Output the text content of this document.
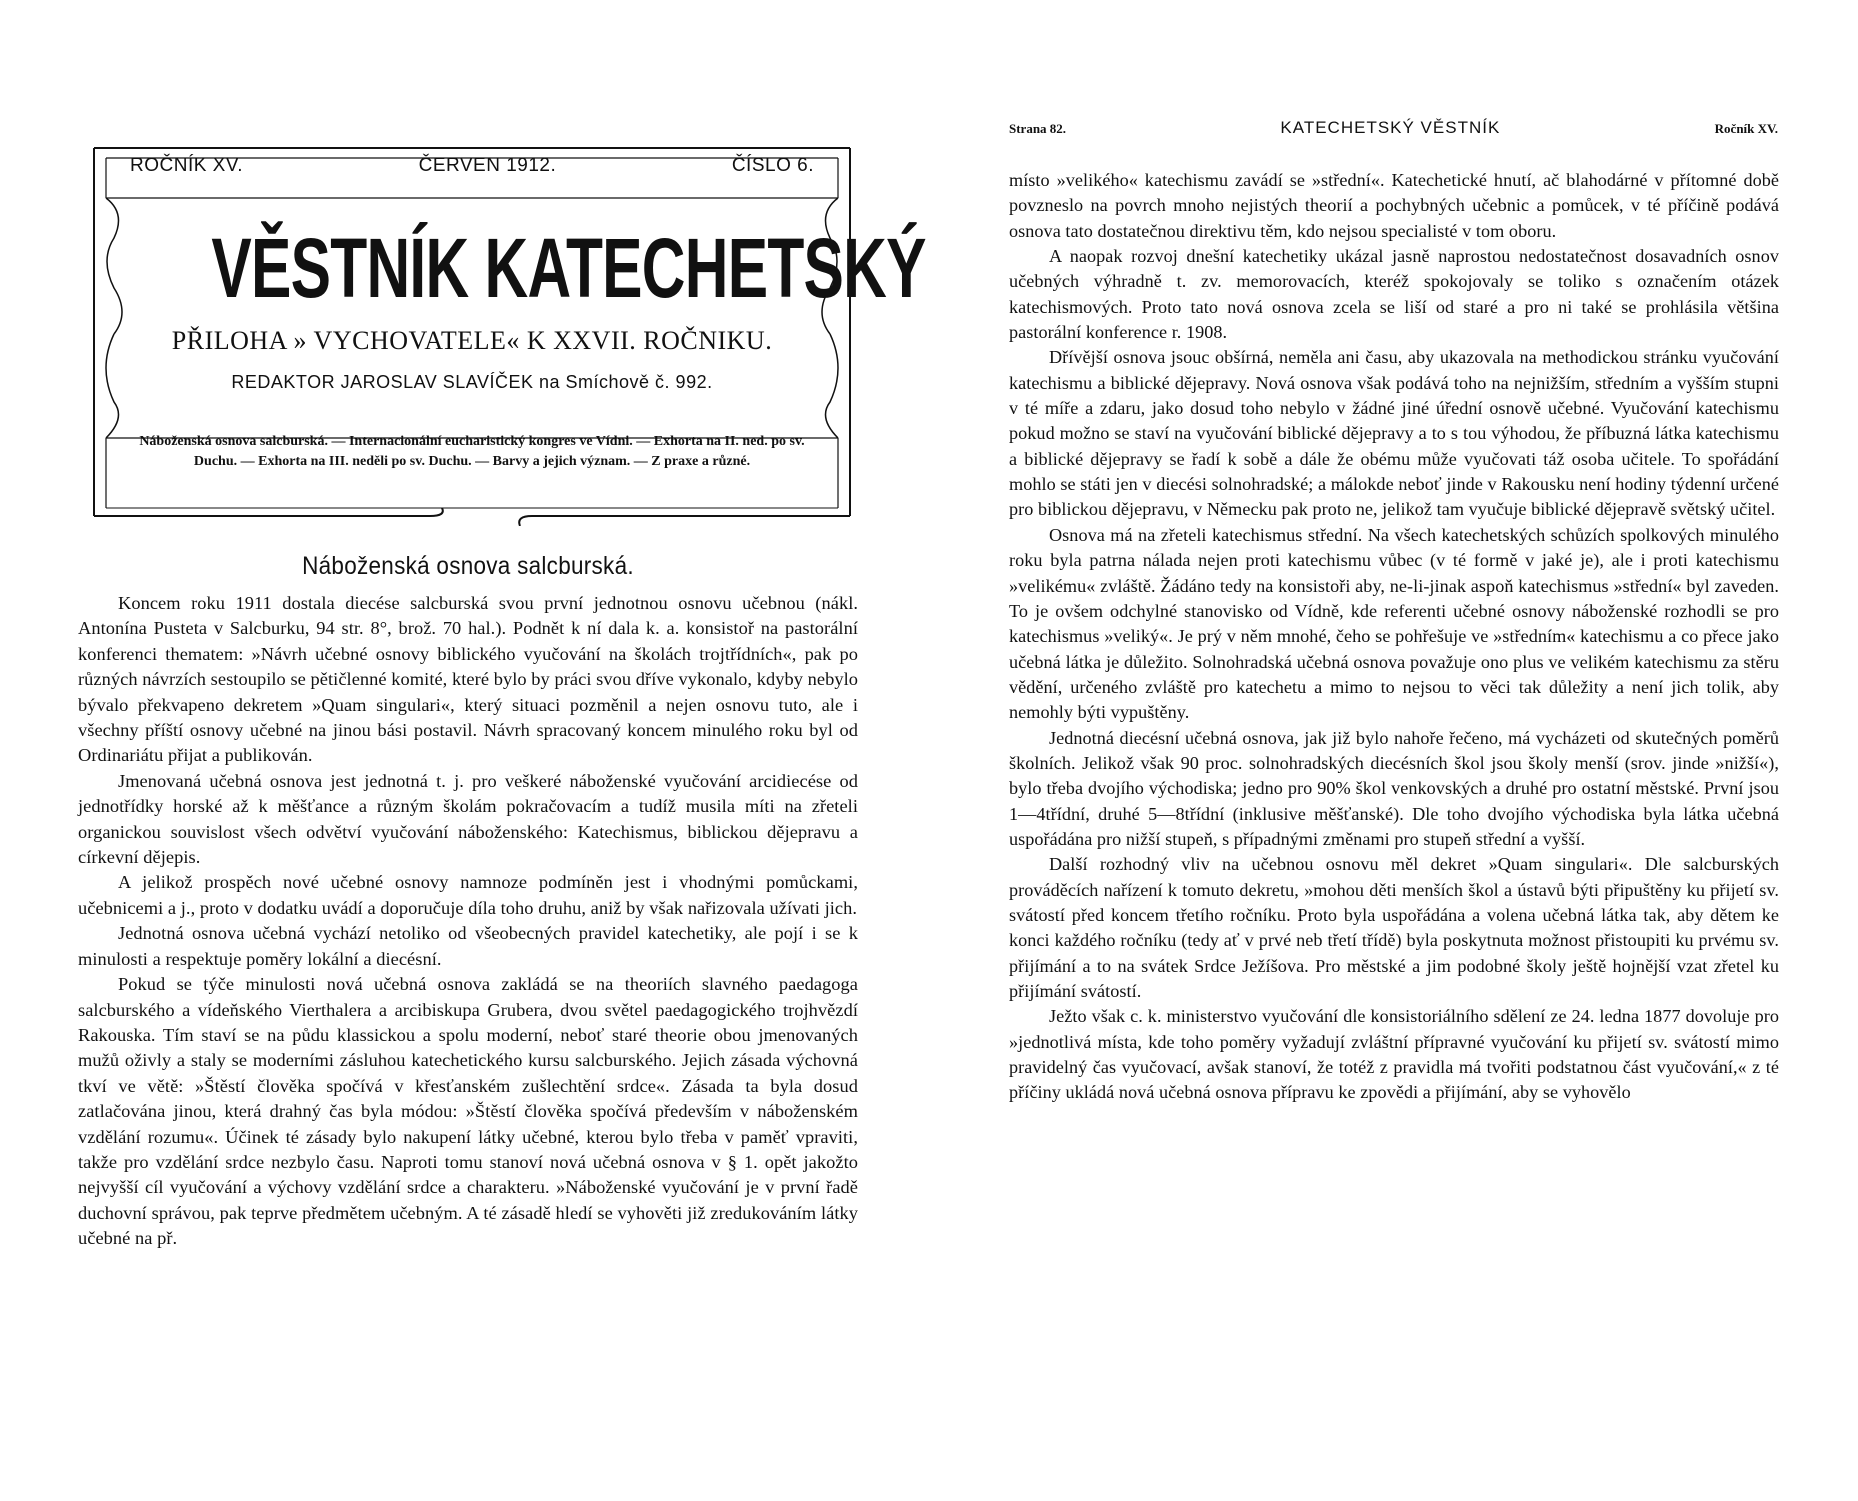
ROČNÍK XV.	ČERVEN 1912.	ČÍSLO 6.
VĚSTNÍK KATECHETSKÝ
PŘILOHA » VYCHOVATELE« K XXVII. ROČNIKU.
REDAKTOR JAROSLAV SLAVÍČEK na Smíchově č. 992.
Náboženská osnova salcburská. — Internacionální eucharistický kongres ve Vídni. — Exhorta na II. ned. po sv. Duchu. — Exhorta na III. neděli po sv. Duchu. — Barvy a jejich význam. — Z praxe a různé.
Náboženská osnova salcburská.

Koncem roku 1911 dostala diecése salcburská svou první jednotnou osnovu učebnou (nákl. Antonína Pusteta v Salcburku, 94 str. 8°, brož. 70 hal.). Podnět k ní dala k. a. konsistoř na pastorální konferenci thematem: »Návrh učebné osnovy biblického vyučování na školách trojtřídních«, pak po různých návrzích sestoupilo se pětičlenné komité, které bylo by práci svou dříve vykonalo, kdyby nebylo bývalo překvapeno dekretem »Quam singulari«, který situaci pozměnil a nejen osnovu tuto, ale i všechny příští osnovy učebné na jinou bási postavil. Návrh spracovaný koncem minulého roku byl od Ordinariátu přijat a publikován.

Jmenovaná učebná osnova jest jednotná t. j. pro veškeré náboženské vyučování arcidiecése od jednotřídky horské až k měšťance a různým školám pokračovacím a tudíž musila míti na zřeteli organickou souvislost všech odvětví vyučování náboženského: Katechismus, biblickou dějepravu a církevní dějepis.

A jelikož prospěch nové učebné osnovy namnoze podmíněn jest i vhodnými pomůckami, učebnicemi a j., proto v dodatku uvádí a doporučuje díla toho druhu, aniž by však nařizovala užívati jich.

Jednotná osnova učebná vychází netoliko od všeobecných pravidel katechetiky, ale pojí i se k minulosti a respektuje poměry lokální a diecésní.

Pokud se týče minulosti nová učebná osnova zakládá se na theoriích slavného paedagoga salcburského a vídeňského Vierthalera a arcibiskupa Grubera, dvou světel paedagogického trojhvězdí Rakouska. Tím staví se na půdu klassickou a spolu moderní, neboť staré theorie obou jmenovaných mužů oživly a staly se moderními zásluhou katechetického kursu salcburského. Jejich zásada výchovná tkví ve větě: »Štěstí člověka spočívá v křesťanském zušlechtění srdce«. Zásada ta byla dosud zatlačována jinou, která drahný čas byla módou: »Štěstí člověka spočívá především v náboženském vzdělání rozumu«. Účinek té zásady bylo nakupení látky učebné, kterou bylo třeba v paměť vpraviti, takže pro vzdělání srdce nezbylo času. Naproti tomu stanoví nová učebná osnova v § 1. opět jakožto nejvyšší cíl vyučování a výchovy vzdělání srdce a charakteru. »Náboženské vyučování je v první řadě duchovní správou, pak teprve předmětem učebným. A té zásadě hledí se vyhověti již zredukováním látky učebné na př.

Strana 82.	KATECHETSKÝ VĚSTNÍK	Ročník XV.

místo »velikého« katechismu zavádí se »střední«. Katechetické hnutí, ač blahodárné v přítomné době povzneslo na povrch mnoho nejistých theorií a pochybných učebnic a pomůcek, v té příčině podává osnova tato dostatečnou direktivu těm, kdo nejsou specialisté v tom oboru.

A naopak rozvoj dnešní katechetiky ukázal jasně naprostou nedostatečnost dosavadních osnov učebných výhradně t. zv. memorovacích, kteréž spokojovaly se toliko s označením otázek katechismových. Proto tato nová osnova zcela se liší od staré a pro ni také se prohlásila většina pastorální konference r. 1908.

Dřívější osnova jsouc obšírná, neměla ani času, aby ukazovala na methodickou stránku vyučování katechismu a biblické dějepravy. Nová osnova však podává toho na nejnižším, středním a vyšším stupni v té míře a zdaru, jako dosud toho nebylo v žádné jiné úřední osnově učebné. Vyučování katechismu pokud možno se staví na vyučování biblické dějepravy a to s tou výhodou, že příbuzná látka katechismu a biblické dějepravy se řadí k sobě a dále že obému může vyučovati táž osoba učitele. To spořádání mohlo se státi jen v diecési solnohradské; a málokde neboť jinde v Rakousku není hodiny týdenní určené pro biblickou dějepravu, v Německu pak proto ne, jelikož tam vyučuje biblické dějepravě světský učitel.

Osnova má na zřeteli katechismus střední. Na všech katechetských schůzích spolkových minulého roku byla patrna nálada nejen proti katechismu vůbec (v té formě v jaké je), ale i proti katechismu »velikému« zvláště. Žádáno tedy na konsistoři aby, ne-li-jinak aspoň katechismus »střední« byl zaveden. To je ovšem odchylné stanovisko od Vídně, kde referenti učebné osnovy náboženské rozhodli se pro katechismus »veliký«. Je prý v něm mnohé, čeho se pohřešuje ve »středním« katechismu a co přece jako učebná látka je důležito. Solnohradská učebná osnova považuje ono plus ve velikém katechismu za stěru vědění, určeného zvláště pro katechetu a mimo to nejsou to věci tak důležity a není jich tolik, aby nemohly býti vypuštěny.

Jednotná diecésní učebná osnova, jak již bylo nahoře řečeno, má vycházeti od skutečných poměrů školních. Jelikož však 90 proc. solnohradských diecésních škol jsou školy menší (srov. jinde »nižší«), bylo třeba dvojího východiska; jedno pro 90% škol venkovských a druhé pro ostatní městské. První jsou 1—4třídní, druhé 5—8třídní (inklusive měšťanské). Dle toho dvojího východiska byla látka učebná uspořádána pro nižší stupeň, s případnými změnami pro stupeň střední a vyšší.

Další rozhodný vliv na učebnou osnovu měl dekret »Quam singulari«. Dle salcburských prováděcích nařízení k tomuto dekretu, »mohou děti menších škol a ústavů býti připuštěny ku přijetí sv. svátostí před koncem třetího ročníku. Proto byla uspořádána a volena učebná látka tak, aby dětem ke konci každého ročníku (tedy ať v prvé neb třetí třídě) byla poskytnuta možnost přistoupiti ku prvému sv. přijímání a to na svátek Srdce Ježíšova. Pro městské a jim podobné školy ještě hojnější vzat zřetel ku přijímání svátostí.

Ježto však c. k. ministerstvo vyučování dle konsistoriálního sdělení ze 24. ledna 1877 dovoluje pro »jednotlivá místa, kde toho poměry vyžadují zvláštní přípravné vyučování ku přijetí sv. svátostí mimo pravidelný čas vyučovací, avšak stanoví, že totéž z pravidla má tvořiti podstatnou část vyučování,« z té příčiny ukládá nová učebná osnova přípravu ke zpovědi a přijímání, aby se vyhovělo
